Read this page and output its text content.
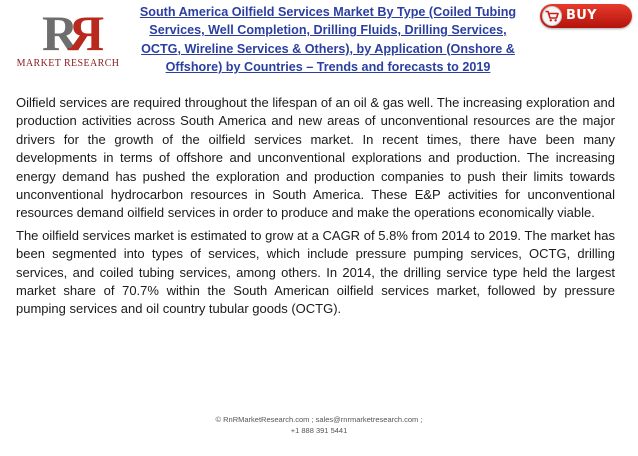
R
R
MARKET RESEARCH
South America Oilfield Services Market By Type (Coiled Tubing Services, Well Completion, Drilling Fluids, Drilling Services, OCTG, Wireline Services & Others), by Application (Onshore & Offshore) by Countries – Trends and forecasts to 2019
BUY NOW

Oilfield services are required throughout the lifespan of an oil & gas well. The increasing exploration and production activities across South America and new areas of unconventional resources are the major drivers for the growth of the oilfield services market. In recent times, there have been many developments in terms of offshore and unconventional explorations and production. The increasing energy demand has pushed the exploration and production companies to push their limits towards unconventional hydrocarbon resources in South America. These E&P activities for unconventional resources demand oilfield services in order to produce and make the operations economically viable.

The oilfield services market is estimated to grow at a CAGR of 5.8% from 2014 to 2019. The market has been segmented into types of services, which include pressure pumping services, OCTG, drilling services, and coiled tubing services, among others. In 2014, the drilling service type held the largest market share of 70.7% within the South American oilfield services market, followed by pressure pumping services and oil country tubular goods (OCTG).

© RnRMarketResearch.com ; sales@rnrmarketresearch.com ;
+1 888 391 5441
